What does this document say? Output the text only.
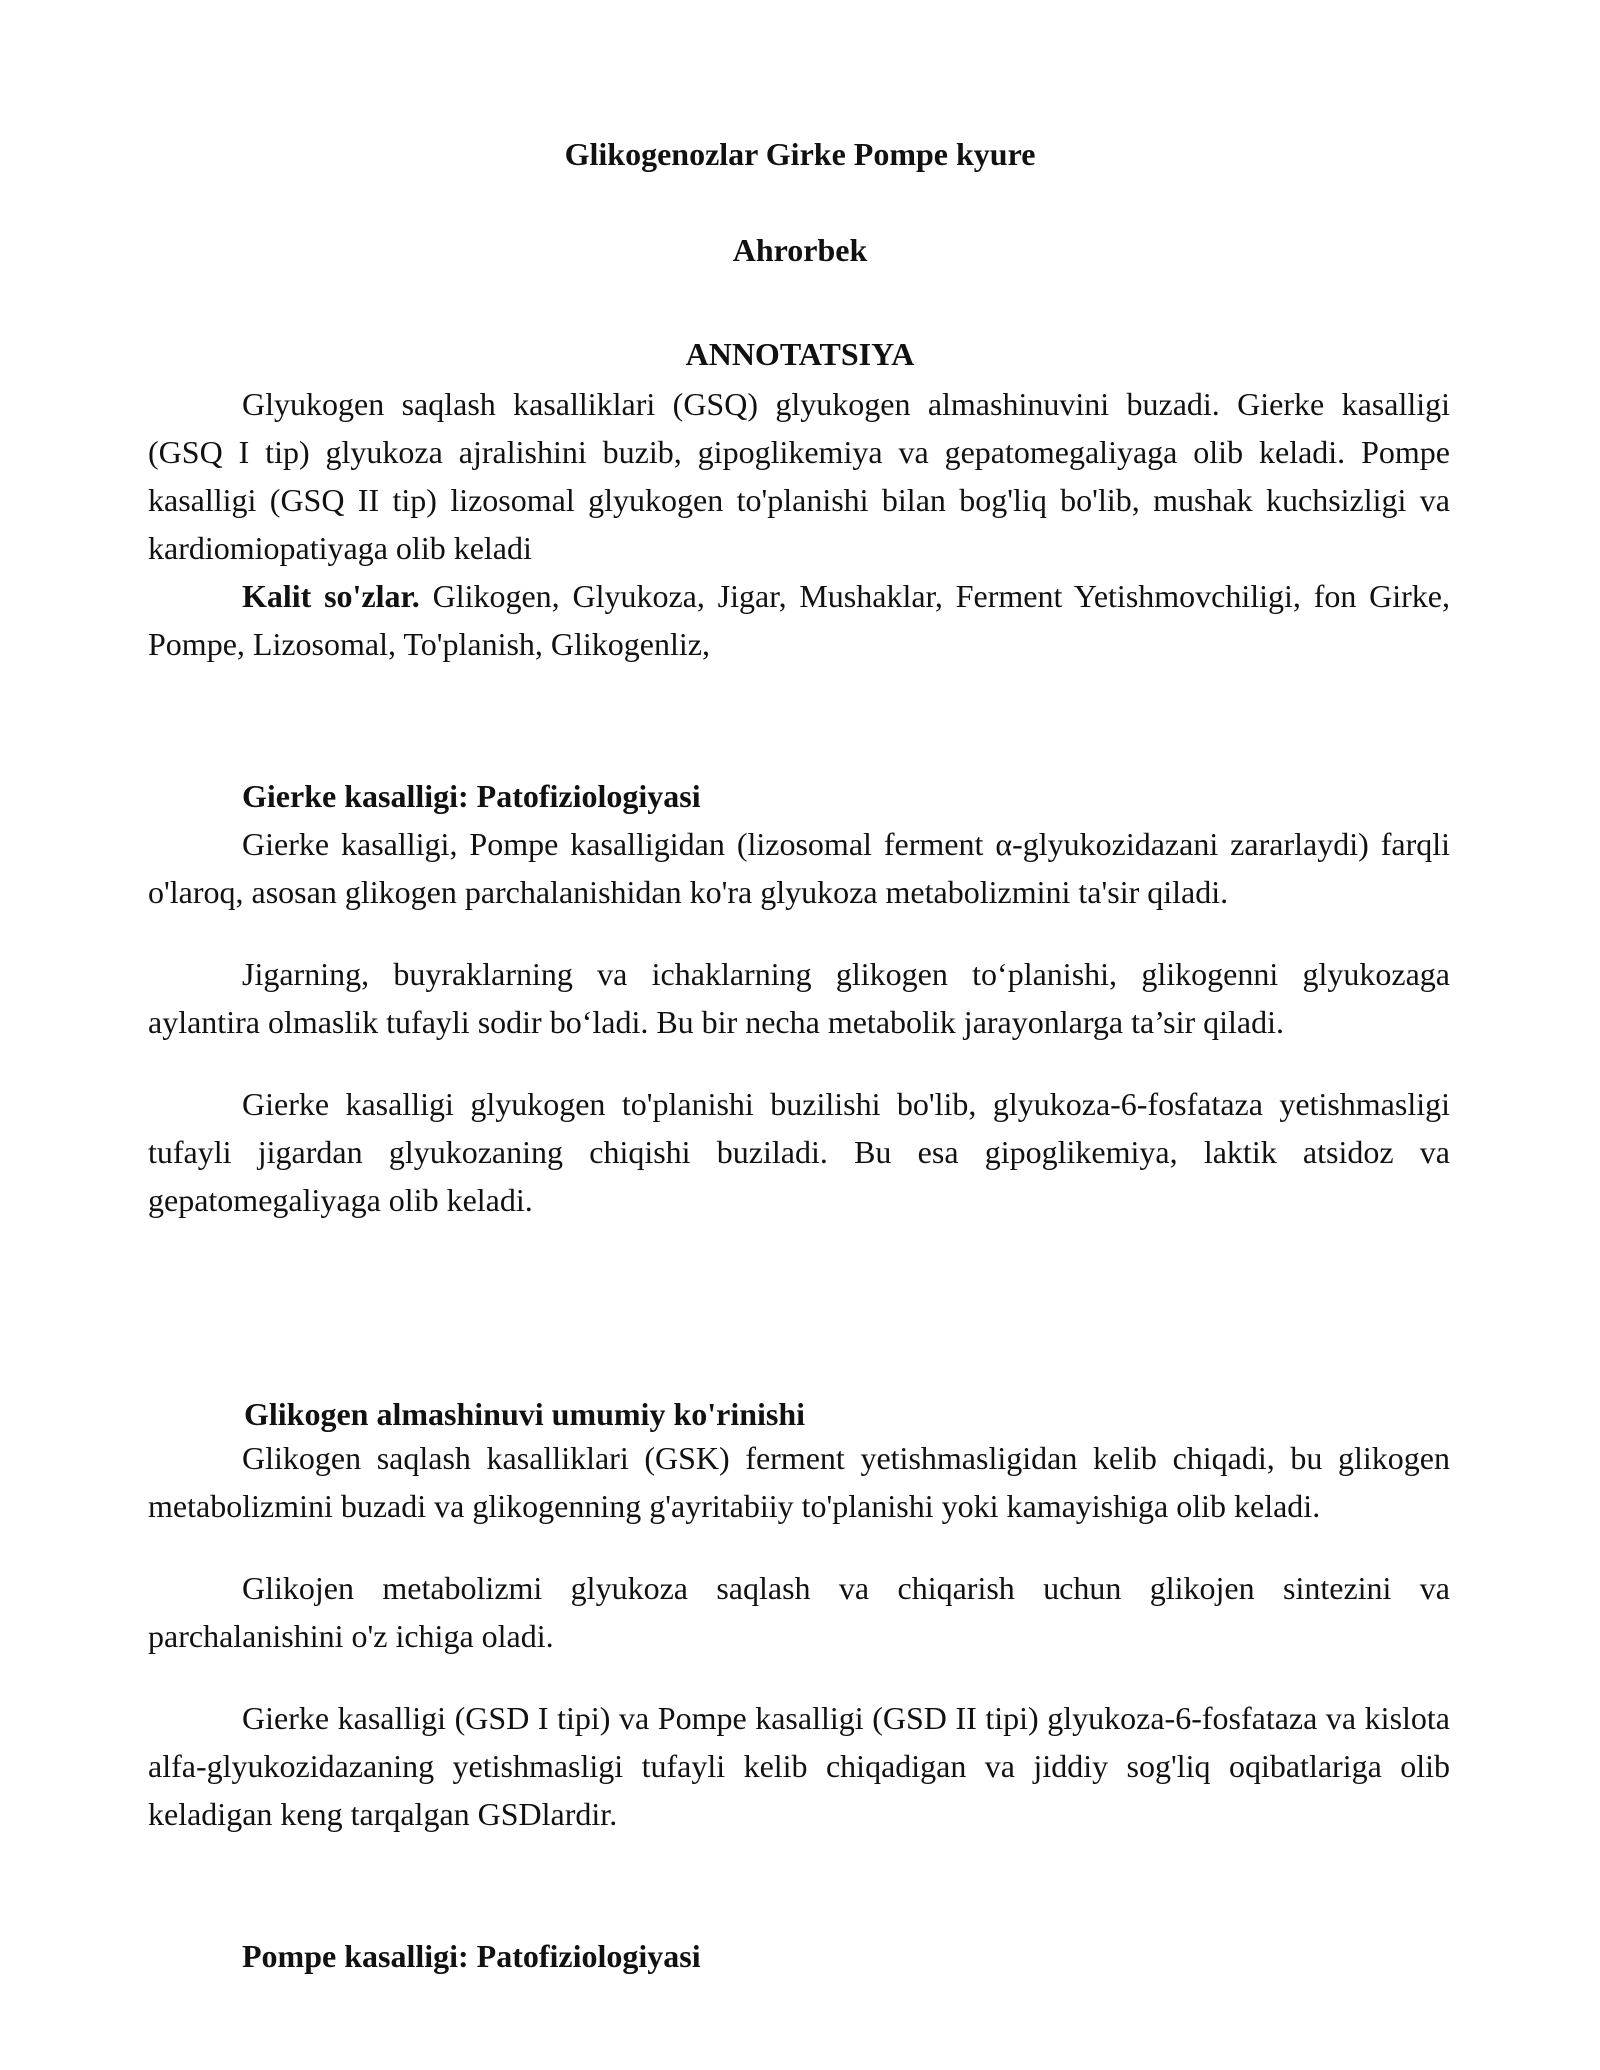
Glikogenozlar Girke Pompe kyure
Ahrorbek
ANNOTATSIYA

Glyukogen saqlash kasalliklari (GSQ) glyukogen almashinuvini buzadi. Gierke kasalligi (GSQ I tip) glyukoza ajralishini buzib, gipoglikemiya va gepatomegaliyaga olib keladi. Pompe kasalligi (GSQ II tip) lizosomal glyukogen to'planishi bilan bog'liq bo'lib, mushak kuchsizligi va kardiomiopatiyaga olib keladi

Kalit so'zlar. Glikogen, Glyukoza, Jigar, Mushaklar, Ferment Yetishmovchiligi, fon Girke, Pompe, Lizosomal, To'planish, Glikogenliz,

Gierke kasalligi: Patofiziologiyasi

Gierke kasalligi, Pompe kasalligidan (lizosomal ferment α-glyukozidazani zararlaydi) farqli o'laroq, asosan glikogen parchalanishidan ko'ra glyukoza metabolizmini ta'sir qiladi.

Jigarning, buyraklarning va ichaklarning glikogen to‘planishi, glikogenni glyukozaga aylantira olmaslik tufayli sodir bo‘ladi. Bu bir necha metabolik jarayonlarga ta’sir qiladi.

Gierke kasalligi glyukogen to'planishi buzilishi bo'lib, glyukoza-6-fosfataza yetishmasligi tufayli jigardan glyukozaning chiqishi buziladi. Bu esa gipoglikemiya, laktik atsidoz va gepatomegaliyaga olib keladi.

Glikogen almashinuvi umumiy ko'rinishi

Glikogen saqlash kasalliklari (GSK) ferment yetishmasligidan kelib chiqadi, bu glikogen metabolizmini buzadi va glikogenning g'ayritabiiy to'planishi yoki kamayishiga olib keladi.

Glikojen metabolizmi glyukoza saqlash va chiqarish uchun glikojen sintezini va parchalanishini o'z ichiga oladi.

Gierke kasalligi (GSD I tipi) va Pompe kasalligi (GSD II tipi) glyukoza-6-fosfataza va kislota alfa-glyukozidazaning yetishmasligi tufayli kelib chiqadigan va jiddiy sog'liq oqibatlariga olib keladigan keng tarqalgan GSDlardir.

Pompe kasalligi: Patofiziologiyasi
